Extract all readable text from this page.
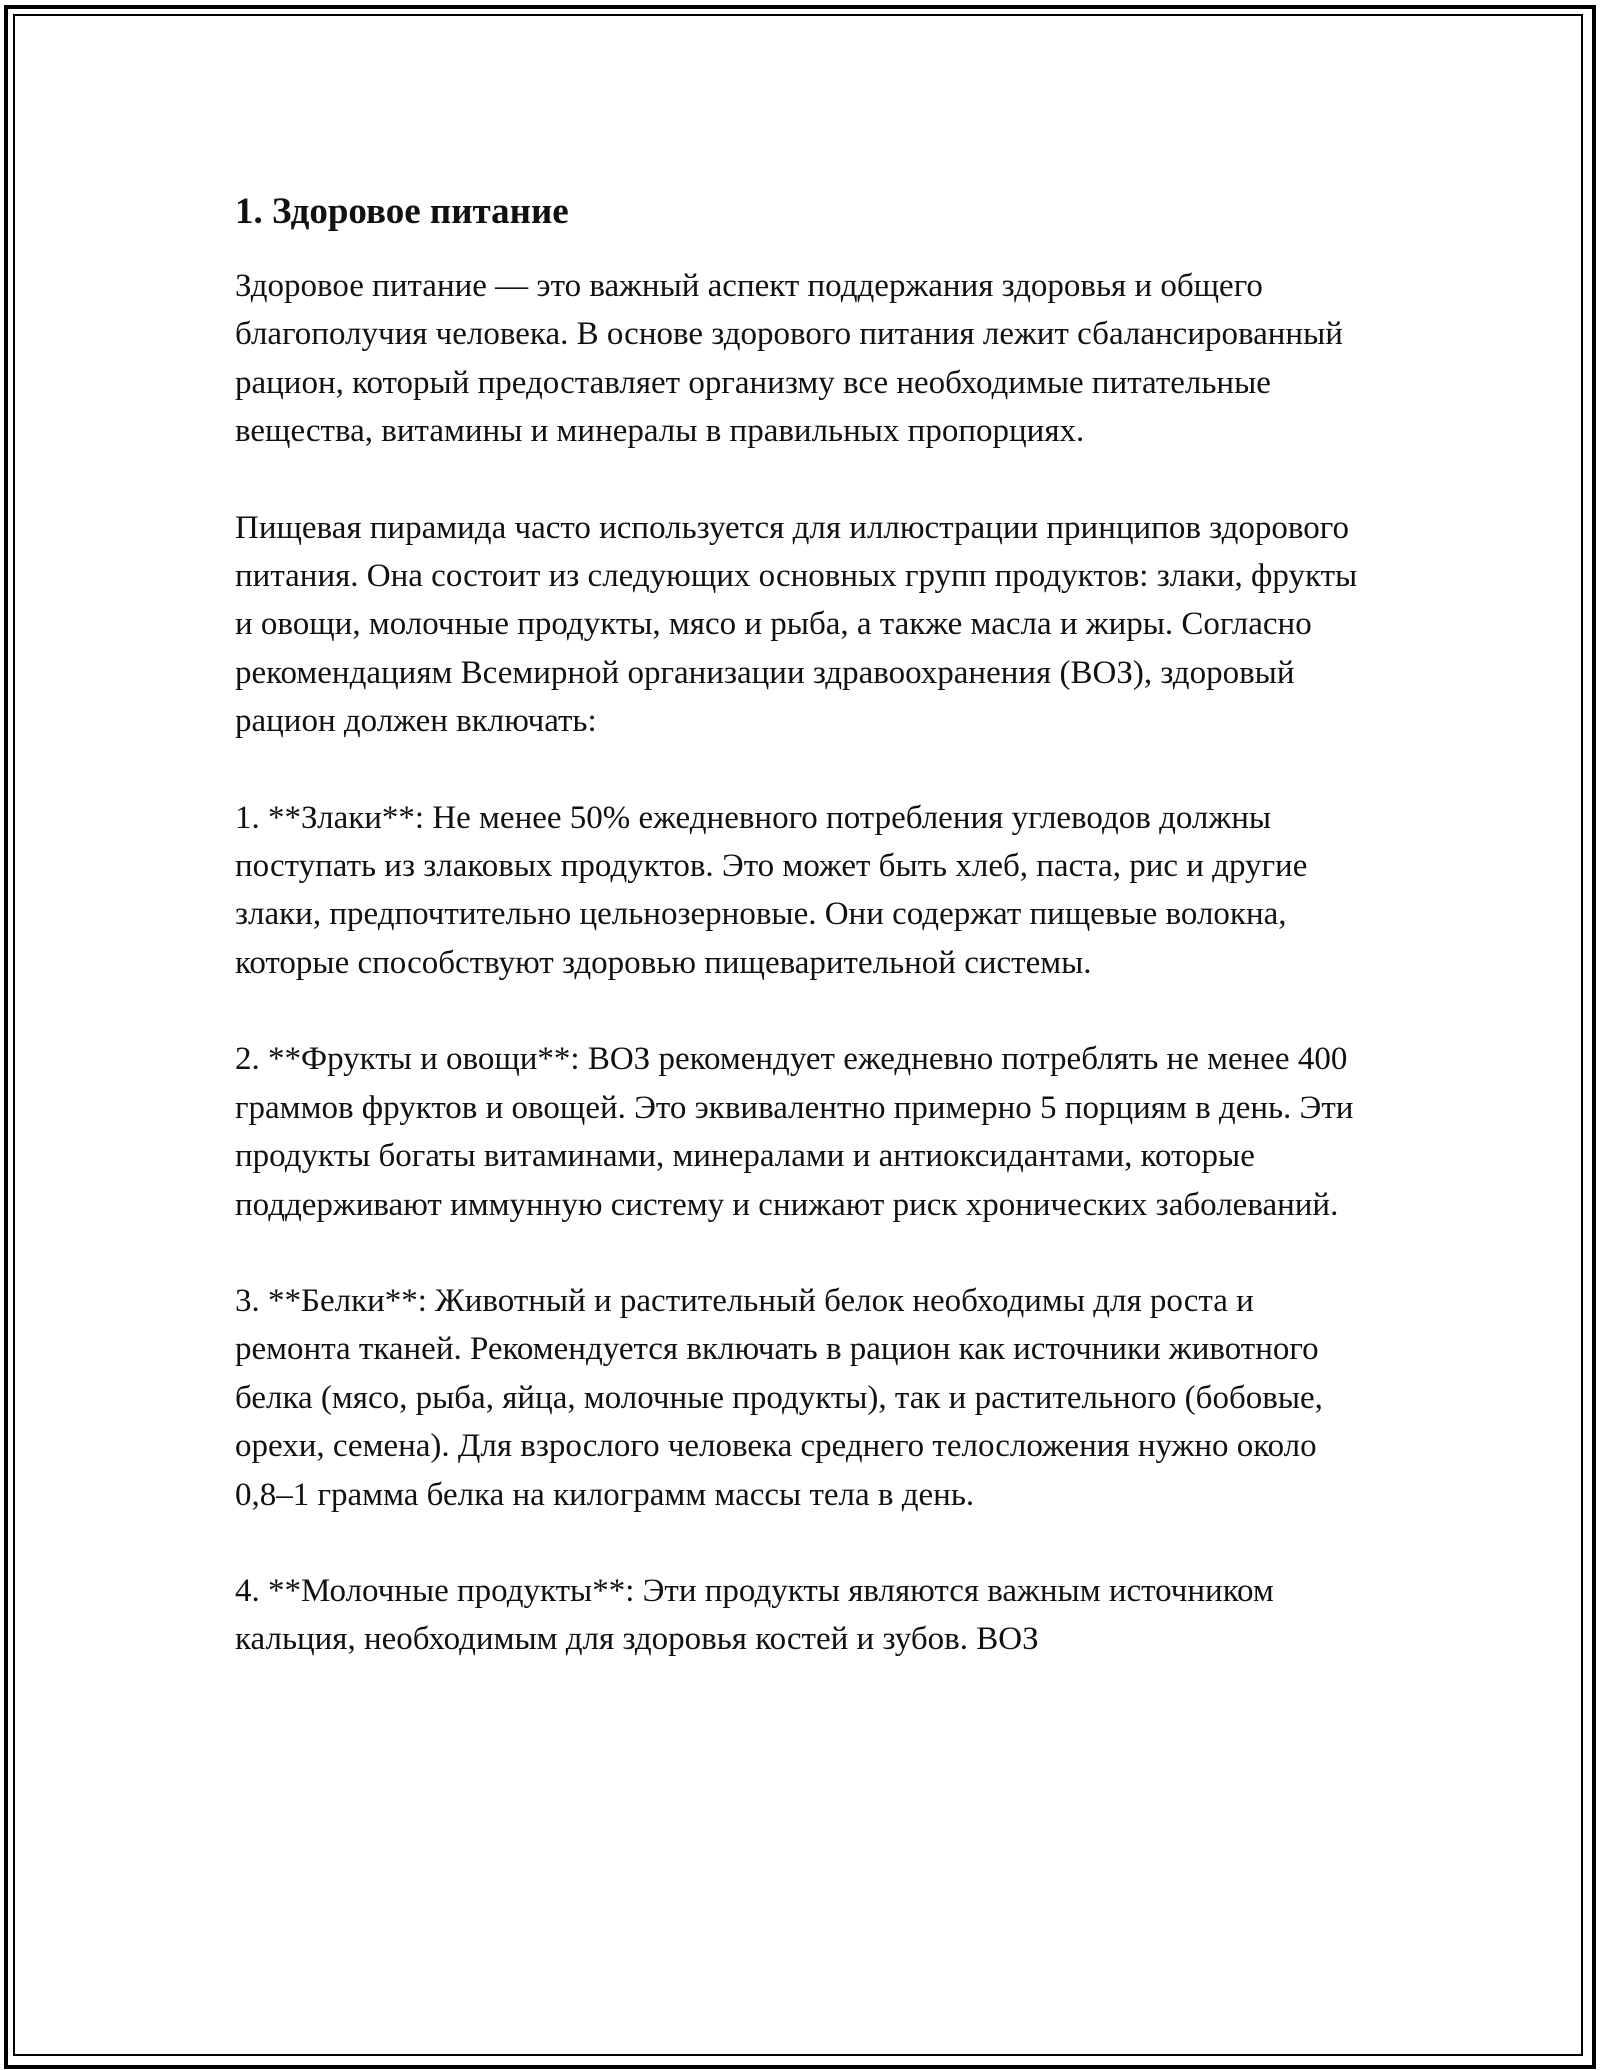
1. Здоровое питание

Здоровое питание — это важный аспект поддержания здоровья и общего благополучия человека. В основе здорового питания лежит сбалансированный рацион, который предоставляет организму все необходимые питательные вещества, витамины и минералы в правильных пропорциях.

Пищевая пирамида часто используется для иллюстрации принципов здорового питания. Она состоит из следующих основных групп продуктов: злаки, фрукты и овощи, молочные продукты, мясо и рыба, а также масла и жиры. Согласно рекомендациям Всемирной организации здравоохранения (ВОЗ), здоровый рацион должен включать:

1. **Злаки**: Не менее 50% ежедневного потребления углеводов должны поступать из злаковых продуктов. Это может быть хлеб, паста, рис и другие злаки, предпочтительно цельнозерновые. Они содержат пищевые волокна, которые способствуют здоровью пищеварительной системы.

2. **Фрукты и овощи**: ВОЗ рекомендует ежедневно потреблять не менее 400 граммов фруктов и овощей. Это эквивалентно примерно 5 порциям в день. Эти продукты богаты витаминами, минералами и антиоксидантами, которые поддерживают иммунную систему и снижают риск хронических заболеваний.

3. **Белки**: Животный и растительный белок необходимы для роста и ремонта тканей. Рекомендуется включать в рацион как источники животного белка (мясо, рыба, яйца, молочные продукты), так и растительного (бобовые, орехи, семена). Для взрослого человека среднего телосложения нужно около 0,8–1 грамма белка на килограмм массы тела в день.

4. **Молочные продукты**: Эти продукты являются важным источником кальция, необходимым для здоровья костей и зубов. ВОЗ
